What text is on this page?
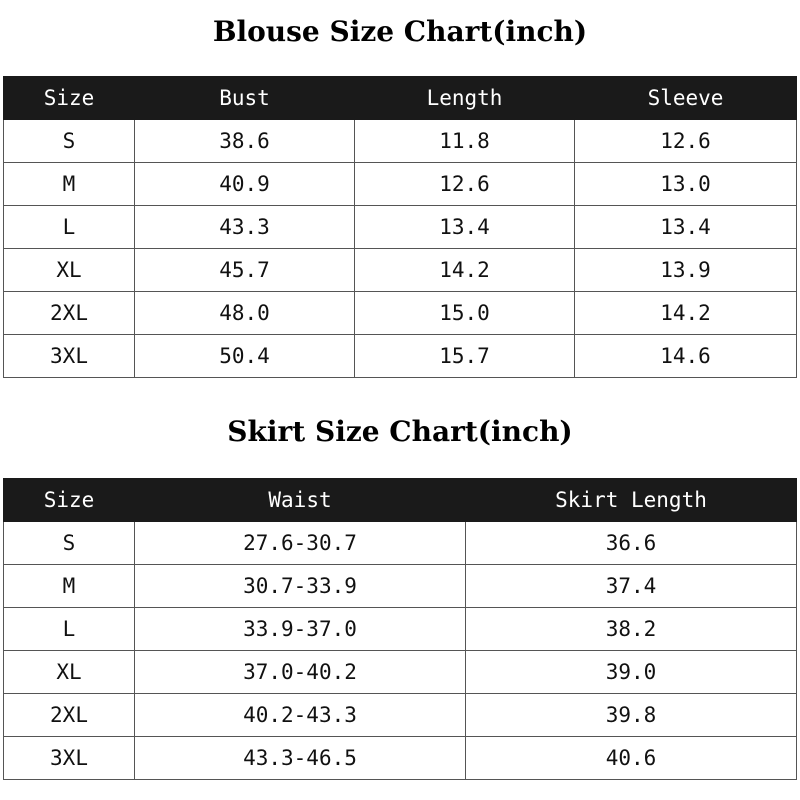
Blouse Size Chart(inch)
Size	Bust	Length	Sleeve
S	38.6	11.8	12.6
M	40.9	12.6	13.0
L	43.3	13.4	13.4
XL	45.7	14.2	13.9
2XL	48.0	15.0	14.2
3XL	50.4	15.7	14.6
Skirt Size Chart(inch)
Size	Waist	Skirt Length
S	27.6-30.7	36.6
M	30.7-33.9	37.4
L	33.9-37.0	38.2
XL	37.0-40.2	39.0
2XL	40.2-43.3	39.8
3XL	43.3-46.5	40.6
